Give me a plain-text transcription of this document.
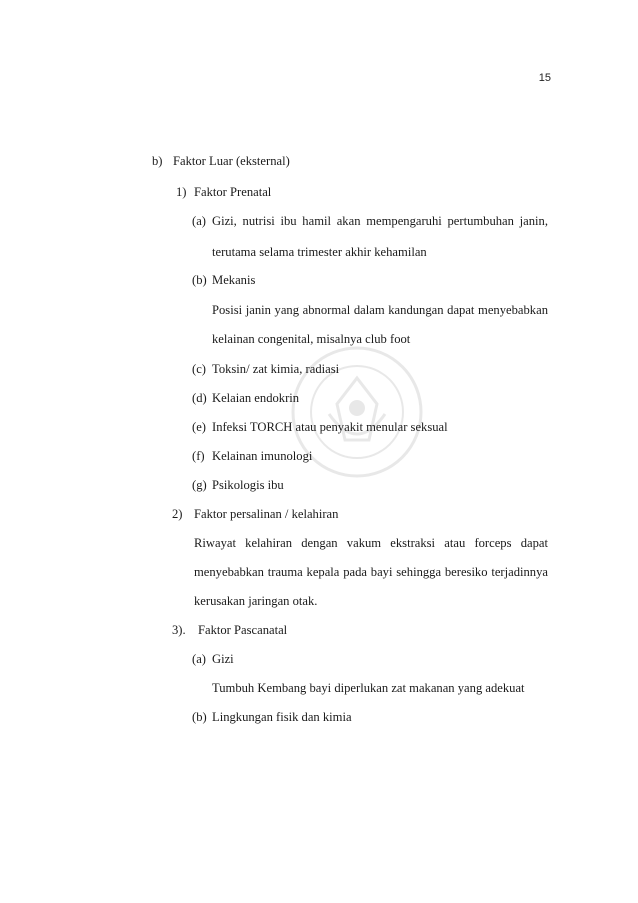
15
b) Faktor Luar (eksternal)
1) Faktor Prenatal
(a) Gizi, nutrisi ibu hamil akan mempengaruhi pertumbuhan janin,
terutama selama trimester akhir kehamilan
(b) Mekanis
Posisi janin yang abnormal dalam kandungan dapat menyebabkan
kelainan congenital, misalnya club foot
(c) Toksin/ zat kimia, radiasi
(d) Kelaian endokrin
(e) Infeksi TORCH atau penyakit menular seksual
(f) Kelainan imunologi
(g) Psikologis ibu
2) Faktor persalinan / kelahiran
Riwayat kelahiran dengan vakum ekstraksi atau forceps dapat
menyebabkan trauma kepala pada bayi sehingga beresiko terjadinnya
kerusakan jaringan otak.
3). Faktor Pascanatal
(a) Gizi
Tumbuh Kembang bayi diperlukan zat makanan yang adekuat
(b) Lingkungan fisik dan kimia
